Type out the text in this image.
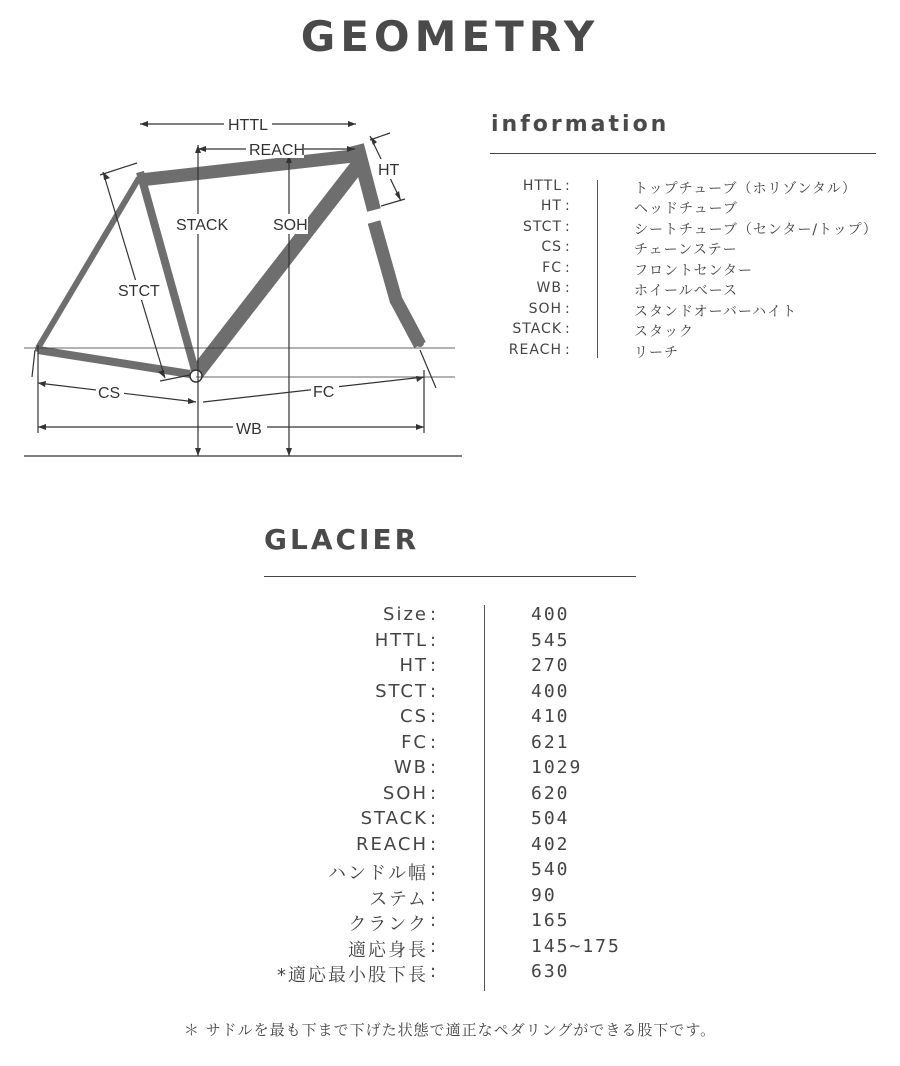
GEOMETRY
HTTL
REACH
HT
STACK	SOH
STCT
CS	FC
WB
information
HTTL :	トップチューブ（ホリゾンタル）
HT :	ヘッドチューブ
STCT :	シートチューブ（センター/トップ）
CS :	チェーンステー
FC :	フロントセンター
WB :	ホイールベース
SOH :	スタンドオーバーハイト
STACK :	スタック
REACH :	リーチ
GLACIER
Size :	400
HTTL :	545
HT :	270
STCT :	400
CS :	410
FC :	621
WB :	1029
SOH :	620
STACK :	504
REACH :	402
ハンドル幅 :	540
ステム :	90
クランク :	165
適応身長 :	145~175
*適応最小股下長 :	630
＊ サドルを最も下まで下げた状態で適正なペダリングができる股下です。
